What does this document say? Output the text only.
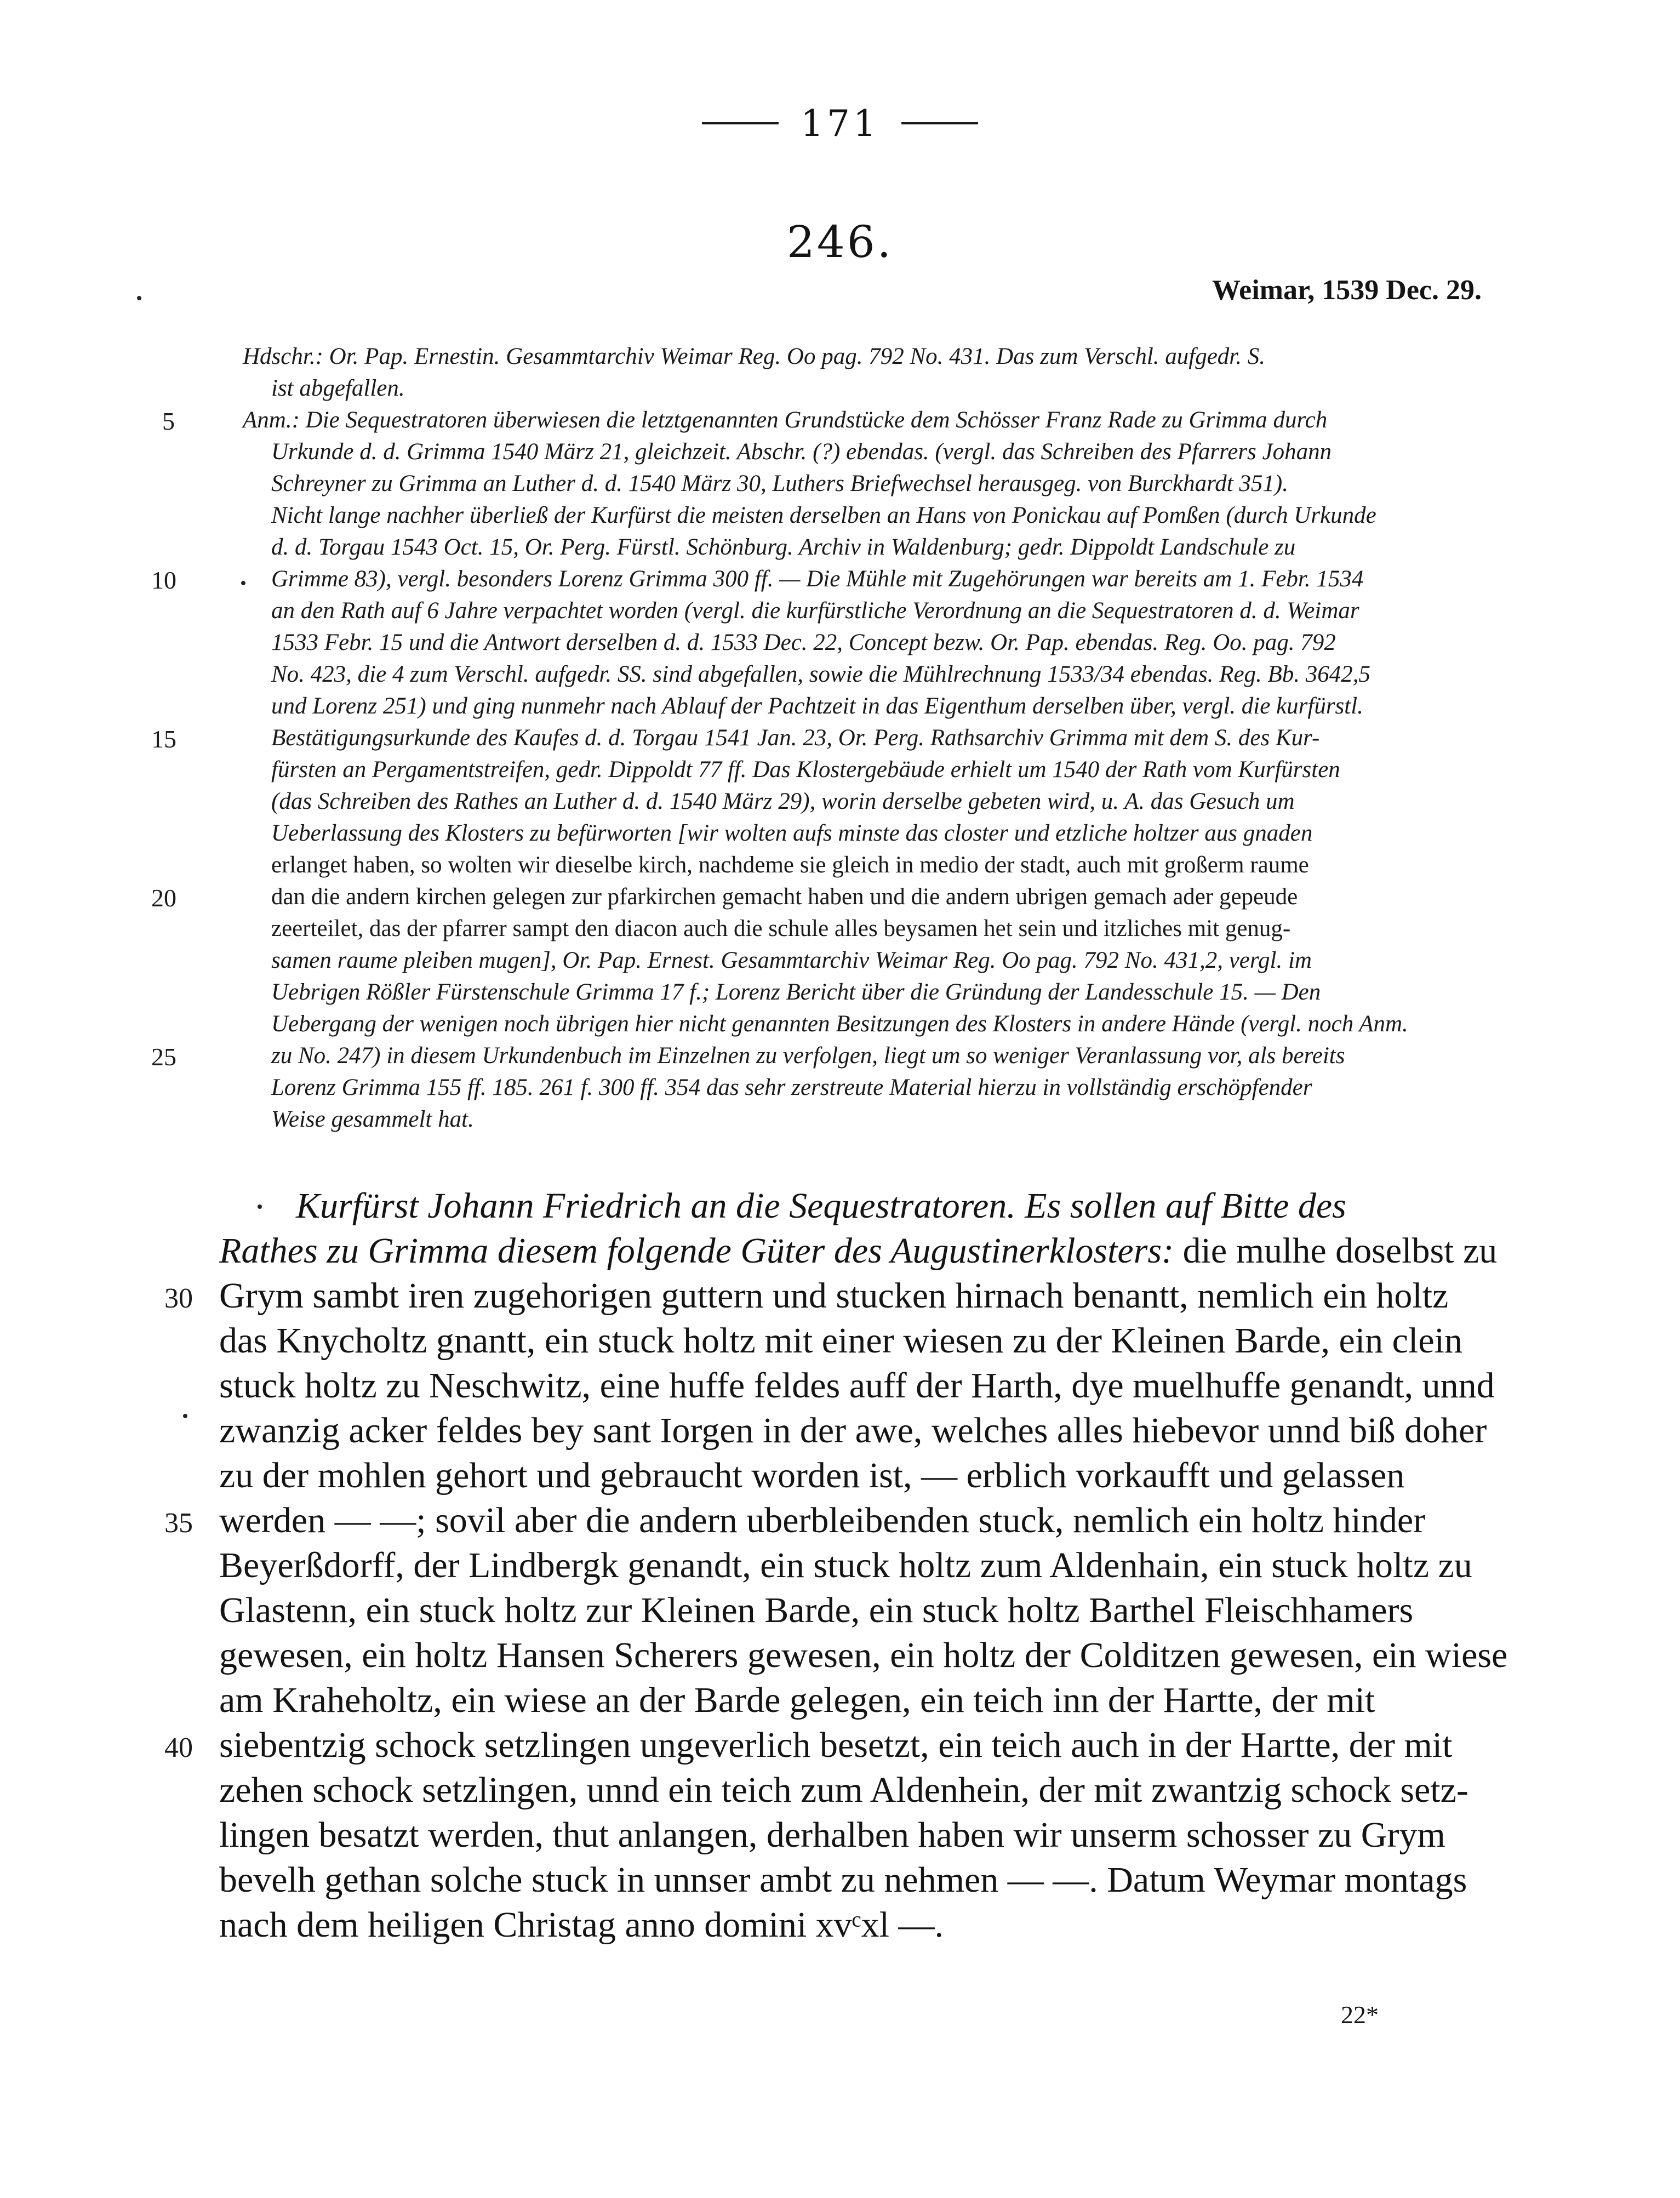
171
246.
Weimar, 1539 Dec. 29.
Hdschr.: Or. Pap. Ernestin. Gesammtarchiv Weimar Reg. Oo pag. 792 No. 431. Das zum Verschl. aufgedr. S.
ist abgefallen.
Anm.: Die Sequestratoren überwiesen die letztgenannten Grundstücke dem Schösser Franz Rade zu Grimma durch
Urkunde d. d. Grimma 1540 März 21, gleichzeit. Abschr. (?) ebendas. (vergl. das Schreiben des Pfarrers Johann
Schreyner zu Grimma an Luther d. d. 1540 März 30, Luthers Briefwechsel herausgeg. von Burckhardt 351).
Nicht lange nachher überließ der Kurfürst die meisten derselben an Hans von Ponickau auf Pomßen (durch Urkunde
d. d. Torgau 1543 Oct. 15, Or. Perg. Fürstl. Schönburg. Archiv in Waldenburg; gedr. Dippoldt Landschule zu
Grimme 83), vergl. besonders Lorenz Grimma 300 ff. — Die Mühle mit Zugehörungen war bereits am 1. Febr. 1534
an den Rath auf 6 Jahre verpachtet worden (vergl. die kurfürstliche Verordnung an die Sequestratoren d. d. Weimar
1533 Febr. 15 und die Antwort derselben d. d. 1533 Dec. 22, Concept bezw. Or. Pap. ebendas. Reg. Oo. pag. 792
No. 423, die 4 zum Verschl. aufgedr. SS. sind abgefallen, sowie die Mühlrechnung 1533/34 ebendas. Reg. Bb. 3642,5
und Lorenz 251) und ging nunmehr nach Ablauf der Pachtzeit in das Eigenthum derselben über, vergl. die kurfürstl.
Bestätigungsurkunde des Kaufes d. d. Torgau 1541 Jan. 23, Or. Perg. Rathsarchiv Grimma mit dem S. des Kur-
fürsten an Pergamentstreifen, gedr. Dippoldt 77 ff. Das Klostergebäude erhielt um 1540 der Rath vom Kurfürsten
(das Schreiben des Rathes an Luther d. d. 1540 März 29), worin derselbe gebeten wird, u. A. das Gesuch um
Ueberlassung des Klosters zu befürworten [wir wolten aufs minste das closter und etzliche holtzer aus gnaden
erlanget haben, so wolten wir dieselbe kirch, nachdeme sie gleich in medio der stadt, auch mit großerm raume
dan die andern kirchen gelegen zur pfarkirchen gemacht haben und die andern ubrigen gemach ader gepeude
zeerteilet, das der pfarrer sampt den diacon auch die schule alles beysamen het sein und itzliches mit genug-
samen raume pleiben mugen], Or. Pap. Ernest. Gesammtarchiv Weimar Reg. Oo pag. 792 No. 431,2, vergl. im
Uebrigen Rößler Fürstenschule Grimma 17 f.; Lorenz Bericht über die Gründung der Landesschule 15. — Den
Uebergang der wenigen noch übrigen hier nicht genannten Besitzungen des Klosters in andere Hände (vergl. noch Anm.
zu No. 247) in diesem Urkundenbuch im Einzelnen zu verfolgen, liegt um so weniger Veranlassung vor, als bereits
Lorenz Grimma 155 ff. 185. 261 f. 300 ff. 354 das sehr zerstreute Material hierzu in vollständig erschöpfender
Weise gesammelt hat.
5
10
15
20
25
Kurfürst Johann Friedrich an die Sequestratoren. Es sollen auf Bitte des
Rathes zu Grimma diesem folgende Güter des Augustinerklosters: die mulhe doselbst zu
Grym sambt iren zugehorigen guttern und stucken hirnach benantt, nemlich ein holtz
das Knycholtz gnantt, ein stuck holtz mit einer wiesen zu der Kleinen Barde, ein clein
stuck holtz zu Neschwitz, eine huffe feldes auff der Harth, dye muelhuffe genandt, unnd
zwanzig acker feldes bey sant Iorgen in der awe, welches alles hiebevor unnd biß doher
zu der mohlen gehort und gebraucht worden ist, — erblich vorkaufft und gelassen
werden — —; sovil aber die andern uberbleibenden stuck, nemlich ein holtz hinder
Beyerßdorff, der Lindbergk genandt, ein stuck holtz zum Aldenhain, ein stuck holtz zu
Glastenn, ein stuck holtz zur Kleinen Barde, ein stuck holtz Barthel Fleischhamers
gewesen, ein holtz Hansen Scherers gewesen, ein holtz der Colditzen gewesen, ein wiese
am Kraheholtz, ein wiese an der Barde gelegen, ein teich inn der Hartte, der mit
siebentzig schock setzlingen ungeverlich besetzt, ein teich auch in der Hartte, der mit
zehen schock setzlingen, unnd ein teich zum Aldenhein, der mit zwantzig schock setz-
lingen besatzt werden, thut anlangen, derhalben haben wir unserm schosser zu Grym
bevelh gethan solche stuck in unnser ambt zu nehmen — —. Datum Weymar montags
nach dem heiligen Christag anno domini xvᶜxl —.
30
35
40
22*
